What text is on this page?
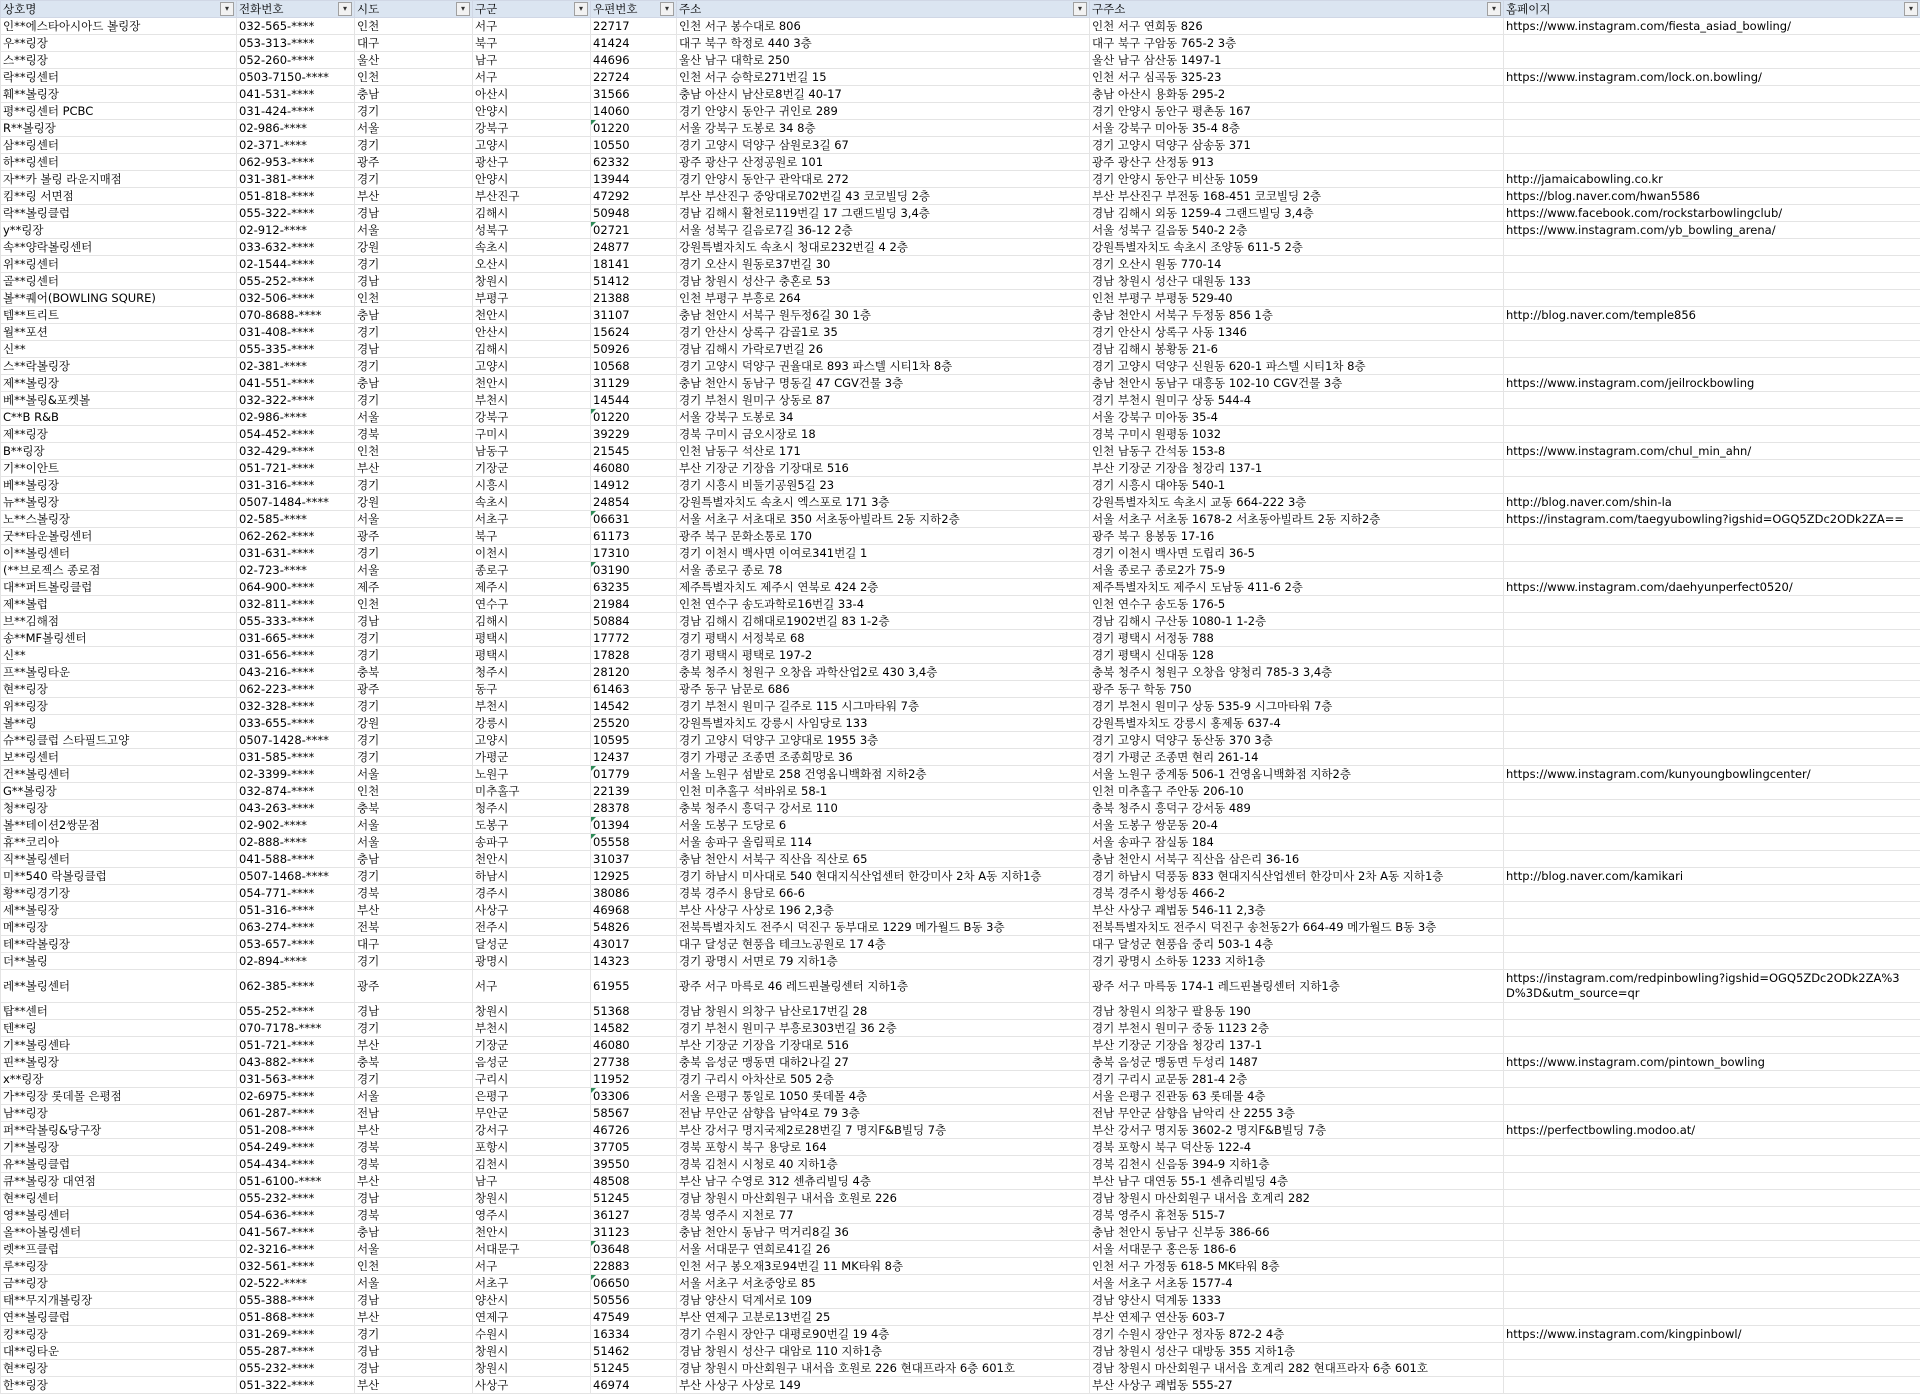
상호명 ▾	전화번호 ▾	시도 ▾	구군 ▾	우편번호 ▾	주소 ▾	구주소 ▾	홈페이지 ▾

인**에스타아시아드 볼링장	032-565-****	인천	서구	22717	인천 서구 봉수대로 806	인천 서구 연희동 826	https://www.instagram.com/fiesta_asiad_bowling/
우**링장	053-313-****	대구	북구	41424	대구 북구 학정로 440 3층	대구 북구 구암동 765-2 3층	
스**링장	052-260-****	울산	남구	44696	울산 남구 대학로 250	울산 남구 삼산동 1497-1	
락**링센터	0503-7150-****	인천	서구	22724	인천 서구 승학로271번길 15	인천 서구 심곡동 325-23	https://www.instagram.com/lock.on.bowling/
훼**볼링장	041-531-****	충남	아산시	31566	충남 아산시 남산로8번길 40-17	충남 아산시 용화동 295-2	
평**링센터 PCBC	031-424-****	경기	안양시	14060	경기 안양시 동안구 귀인로 289	경기 안양시 동안구 평촌동 167	
R**볼링장	02-986-****	서울	강북구	01220	서울 강북구 도봉로 34 8층	서울 강북구 미아동 35-4 8층	
삼**링센터	02-371-****	경기	고양시	10550	경기 고양시 덕양구 삼원로3길 67	경기 고양시 덕양구 삼송동 371	
하**링센터	062-953-****	광주	광산구	62332	광주 광산구 산정공원로 101	광주 광산구 산정동 913	
자**카 볼링 라운지매점	031-381-****	경기	안양시	13944	경기 안양시 동안구 관악대로 272	경기 안양시 동안구 비산동 1059	http://jamaicabowling.co.kr
킴**링 서면점	051-818-****	부산	부산진구	47292	부산 부산진구 중앙대로702번길 43 코코빌딩 2층	부산 부산진구 부전동 168-451 코코빌딩 2층	https://blog.naver.com/hwan5586
락**볼링클럽	055-322-****	경남	김해시	50948	경남 김해시 활천로119번길 17 그랜드빌딩 3,4층	경남 김해시 외동 1259-4 그랜드빌딩 3,4층	https://www.facebook.com/rockstarbowlingclub/
y**링장	02-912-****	서울	성북구	02721	서울 성북구 길음로7길 36-12 2층	서울 성북구 길음동 540-2 2층	https://www.instagram.com/yb_bowling_arena/
속**양락볼링센터	033-632-****	강원	속초시	24877	강원특별자치도 속초시 청대로232번길 4 2층	강원특별자치도 속초시 조양동 611-5 2층	
위**링센터	02-1544-****	경기	오산시	18141	경기 오산시 원동로37번길 30	경기 오산시 원동 770-14	
골**링센터	055-252-****	경남	창원시	51412	경남 창원시 성산구 충혼로 53	경남 창원시 성산구 대원동 133	
볼**퀘어(BOWLING SQURE)	032-506-****	인천	부평구	21388	인천 부평구 부흥로 264	인천 부평구 부평동 529-40	
템**트리트	070-8688-****	충남	천안시	31107	충남 천안시 서북구 원두정6길 30 1층	충남 천안시 서북구 두정동 856 1층	http://blog.naver.com/temple856
월**포션	031-408-****	경기	안산시	15624	경기 안산시 상록구 감골1로 35	경기 안산시 상록구 사동 1346	
신**	055-335-****	경남	김해시	50926	경남 김해시 가락로7번길 26	경남 김해시 봉황동 21-6	
스**락볼링장	02-381-****	경기	고양시	10568	경기 고양시 덕양구 권율대로 893 파스텔 시티1차 8층	경기 고양시 덕양구 신원동 620-1 파스텔 시티1차 8층	
제**볼링장	041-551-****	충남	천안시	31129	충남 천안시 동남구 명동길 47 CGV건물 3층	충남 천안시 동남구 대흥동 102-10 CGV건물 3층	https://www.instagram.com/jeilrockbowling
베**볼링&포켓볼	032-322-****	경기	부천시	14544	경기 부천시 원미구 상동로 87	경기 부천시 원미구 상동 544-4	
C**B R&B	02-986-****	서울	강북구	01220	서울 강북구 도봉로 34	서울 강북구 미아동 35-4	
제**링장	054-452-****	경북	구미시	39229	경북 구미시 금오시장로 18	경북 구미시 원평동 1032	
B**링장	032-429-****	인천	남동구	21545	인천 남동구 석산로 171	인천 남동구 간석동 153-8	https://www.instagram.com/chul_min_ahn/
기**이안트	051-721-****	부산	기장군	46080	부산 기장군 기장읍 기장대로 516	부산 기장군 기장읍 청강리 137-1	
베**볼링장	031-316-****	경기	시흥시	14912	경기 시흥시 비둘기공원5길 23	경기 시흥시 대야동 540-1	
뉴**볼링장	0507-1484-****	강원	속초시	24854	강원특별자치도 속초시 엑스포로 171 3층	강원특별자치도 속초시 교동 664-222 3층	http://blog.naver.com/shin-la
노**스볼링장	02-585-****	서울	서초구	06631	서울 서초구 서초대로 350 서초동아빌라트 2동 지하2층	서울 서초구 서초동 1678-2 서초동아빌라트 2동 지하2층	https://instagram.com/taegyubowling?igshid=OGQ5ZDc2ODk2ZA==
굿**타운볼링센터	062-262-****	광주	북구	61173	광주 북구 문화소통로 170	광주 북구 용봉동 17-16	
이**볼링센터	031-631-****	경기	이천시	17310	경기 이천시 백사면 이여로341번길 1	경기 이천시 백사면 도립리 36-5	
(**브로젝스 종로점	02-723-****	서울	종로구	03190	서울 종로구 종로 78	서울 종로구 종로2가 75-9	
대**퍼트볼링클럽	064-900-****	제주	제주시	63235	제주특별자치도 제주시 연북로 424 2층	제주특별자치도 제주시 도남동 411-6 2층	https://www.instagram.com/daehyunperfect0520/
제**볼럽	032-811-****	인천	연수구	21984	인천 연수구 송도과학로16번길 33-4	인천 연수구 송도동 176-5	
브**김해점	055-333-****	경남	김해시	50884	경남 김해시 김해대로1902번길 83 1-2층	경남 김해시 구산동 1080-1 1-2층	
송**MF볼링센터	031-665-****	경기	평택시	17772	경기 평택시 서정북로 68	경기 평택시 서정동 788	
신**	031-656-****	경기	평택시	17828	경기 평택시 평택로 197-2	경기 평택시 신대동 128	
프**볼링타운	043-216-****	충북	청주시	28120	충북 청주시 청원구 오창읍 과학산업2로 430 3,4층	충북 청주시 청원구 오창읍 양청리 785-3 3,4층	
현**링장	062-223-****	광주	동구	61463	광주 동구 남문로 686	광주 동구 학동 750	
위**링장	032-328-****	경기	부천시	14542	경기 부천시 원미구 길주로 115 시그마타워 7층	경기 부천시 원미구 상동 535-9 시그마타워 7층	
볼**링	033-655-****	강원	강릉시	25520	강원특별자치도 강릉시 사임당로 133	강원특별자치도 강릉시 홍제동 637-4	
슈**링클럽 스타필드고양	0507-1428-****	경기	고양시	10595	경기 고양시 덕양구 고양대로 1955 3층	경기 고양시 덕양구 동산동 370 3층	
보**링센터	031-585-****	경기	가평군	12437	경기 가평군 조종면 조종희망로 36	경기 가평군 조종면 현리 261-14	
건**볼링센터	02-3399-****	서울	노원구	01779	서울 노원구 섬밭로 258 건영옴니백화점 지하2층	서울 노원구 중계동 506-1 건영옴니백화점 지하2층	https://www.instagram.com/kunyoungbowlingcenter/
G**볼링장	032-874-****	인천	미추홀구	22139	인천 미추홀구 석바위로 58-1	인천 미추홀구 주안동 206-10	
청**링장	043-263-****	충북	청주시	28378	충북 청주시 흥덕구 강서로 110	충북 청주시 흥덕구 강서동 489	
볼**테이션2쌍문점	02-902-****	서울	도봉구	01394	서울 도봉구 도당로 6	서울 도봉구 쌍문동 20-4	
휴**코리아	02-888-****	서울	송파구	05558	서울 송파구 올림픽로 114	서울 송파구 잠실동 184	
직**볼링센터	041-588-****	충남	천안시	31037	충남 천안시 서북구 직산읍 직산로 65	충남 천안시 서북구 직산읍 삼은리 36-16	
미**540 락볼링클럽	0507-1468-****	경기	하남시	12925	경기 하남시 미사대로 540 현대지식산업센터 한강미사 2차 A동 지하1층	경기 하남시 덕풍동 833 현대지식산업센터 한강미사 2차 A동 지하1층	http://blog.naver.com/kamikari
황**링경기장	054-771-****	경북	경주시	38086	경북 경주시 용담로 66-6	경북 경주시 황성동 466-2	
세**볼링장	051-316-****	부산	사상구	46968	부산 사상구 사상로 196 2,3층	부산 사상구 괘법동 546-11 2,3층	
메**링장	063-274-****	전북	전주시	54826	전북특별자치도 전주시 덕진구 동부대로 1229 메가월드 B동 3층	전북특별자치도 전주시 덕진구 송천동2가 664-49 메가월드 B동 3층	
테**락볼링장	053-657-****	대구	달성군	43017	대구 달성군 현풍읍 테크노공원로 17 4층	대구 달성군 현풍읍 중리 503-1 4층	
더**볼링	02-894-****	경기	광명시	14323	경기 광명시 서면로 79 지하1층	경기 광명시 소하동 1233 지하1층	
레**볼링센터	062-385-****	광주	서구	61955	광주 서구 마륵로 46 레드핀볼링센터 지하1층	광주 서구 마륵동 174-1 레드핀볼링센터 지하1층	https://instagram.com/redpinbowling?igshid=OGQ5ZDc2ODk2ZA%3D%3D&utm_source=qr
탑**센터	055-252-****	경남	창원시	51368	경남 창원시 의창구 남산로17번길 28	경남 창원시 의창구 팔용동 190	
텐**링	070-7178-****	경기	부천시	14582	경기 부천시 원미구 부흥로303번길 36 2층	경기 부천시 원미구 중동 1123 2층	
기**볼링센타	051-721-****	부산	기장군	46080	부산 기장군 기장읍 기장대로 516	부산 기장군 기장읍 청강리 137-1	
핀**볼링장	043-882-****	충북	음성군	27738	충북 음성군 맹동면 대하2나길 27	충북 음성군 맹동면 두성리 1487	https://www.instagram.com/pintown_bowling
x**링장	031-563-****	경기	구리시	11952	경기 구리시 아차산로 505 2층	경기 구리시 교문동 281-4 2층	
가**링장 롯데몰 은평점	02-6975-****	서울	은평구	03306	서울 은평구 통일로 1050 롯데몰 4층	서울 은평구 진관동 63 롯데몰 4층	
남**링장	061-287-****	전남	무안군	58567	전남 무안군 삼향읍 남악4로 79 3층	전남 무안군 삼향읍 남악리 산 2255 3층	
퍼**락볼링&당구장	051-208-****	부산	강서구	46726	부산 강서구 명지국제2로28번길 7 명지F&B빌딩 7층	부산 강서구 명지동 3602-2 명지F&B빌딩 7층	https://perfectbowling.modoo.at/
기**볼링장	054-249-****	경북	포항시	37705	경북 포항시 북구 용당로 164	경북 포항시 북구 덕산동 122-4	
유**볼링클럽	054-434-****	경북	김천시	39550	경북 김천시 시청로 40 지하1층	경북 김천시 신음동 394-9 지하1층	
큐**볼링장 대연점	051-6100-****	부산	남구	48508	부산 남구 수영로 312 센츄리빌딩 4층	부산 남구 대연동 55-1 센츄리빌딩 4층	
현**링센터	055-232-****	경남	창원시	51245	경남 창원시 마산회원구 내서읍 호원로 226	경남 창원시 마산회원구 내서읍 호계리 282	
영**볼링센터	054-636-****	경북	영주시	36127	경북 영주시 지천로 77	경북 영주시 휴천동 515-7	
올**아볼링센터	041-567-****	충남	천안시	31123	충남 천안시 동남구 먹거리8길 36	충남 천안시 동남구 신부동 386-66	
렛**프클럽	02-3216-****	서울	서대문구	03648	서울 서대문구 연희로41길 26	서울 서대문구 홍은동 186-6	
루**링장	032-561-****	인천	서구	22883	인천 서구 봉오재3로94번길 11 MK타워 8층	인천 서구 가정동 618-5 MK타워 8층	
금**링장	02-522-****	서울	서초구	06650	서울 서초구 서초중앙로 85	서울 서초구 서초동 1577-4	
태**무지개볼링장	055-388-****	경남	양산시	50556	경남 양산시 덕계서로 109	경남 양산시 덕계동 1333	
연**볼링클럽	051-868-****	부산	연제구	47549	부산 연제구 고분로13번길 25	부산 연제구 연산동 603-7	
킹**링장	031-269-****	경기	수원시	16334	경기 수원시 장안구 대평로90번길 19 4층	경기 수원시 장안구 정자동 872-2 4층	https://www.instagram.com/kingpinbowl/
대**링타운	055-287-****	경남	창원시	51462	경남 창원시 성산구 대암로 110 지하1층	경남 창원시 성산구 대방동 355 지하1층	
현**링장	055-232-****	경남	창원시	51245	경남 창원시 마산회원구 내서읍 호원로 226 현대프라자 6층 601호	경남 창원시 마산회원구 내서읍 호계리 282 현대프라자 6층 601호	
한**링장	051-322-****	부산	사상구	46974	부산 사상구 사상로 149	부산 사상구 괘법동 555-27	
